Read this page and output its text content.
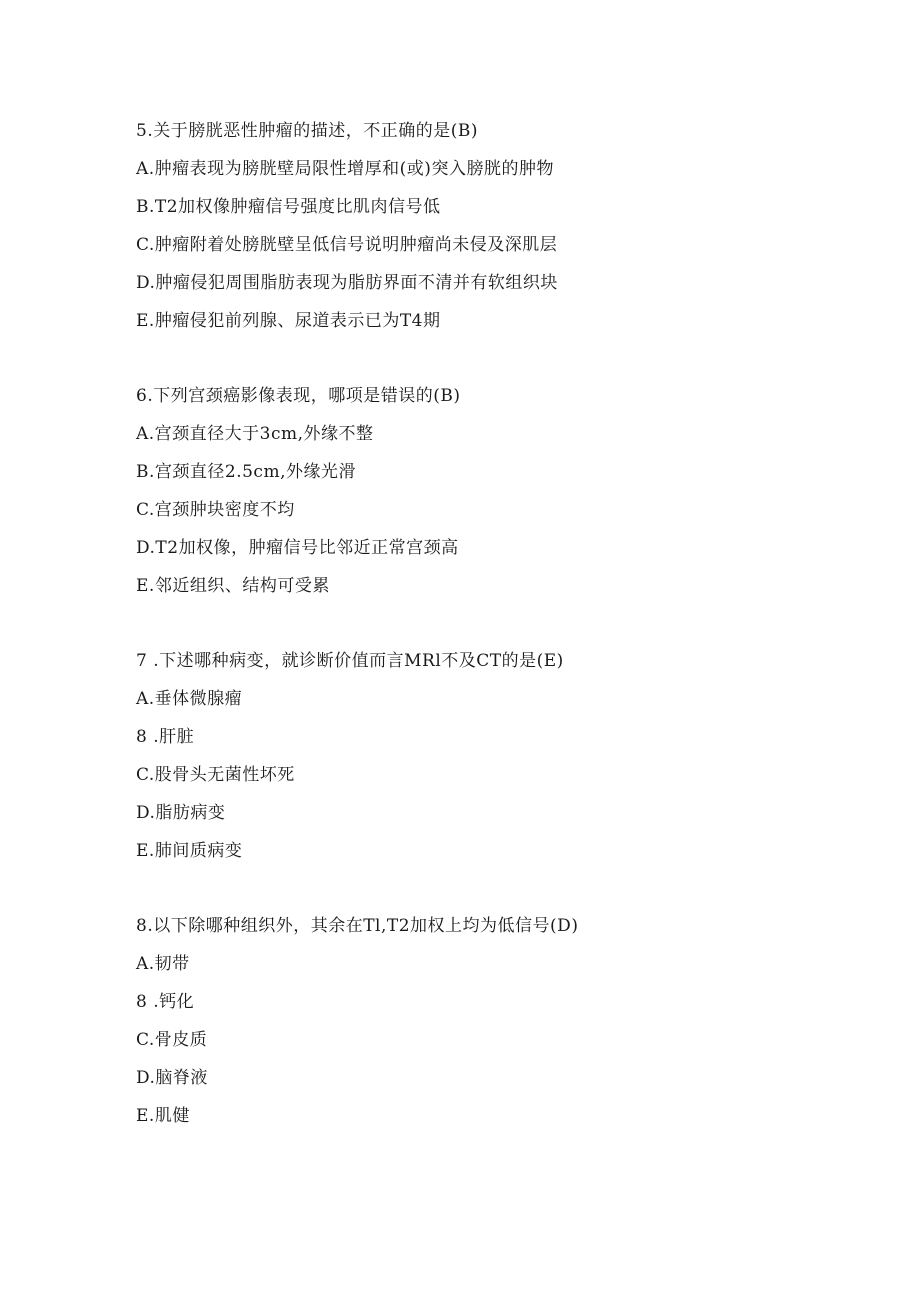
5.关于膀胱恶性肿瘤的描述，不正确的是(B)
A.肿瘤表现为膀胱壁局限性增厚和(或)突入膀胱的肿物
B.T2加权像肿瘤信号强度比肌肉信号低
C.肿瘤附着处膀胱壁呈低信号说明肿瘤尚未侵及深肌层
D.肿瘤侵犯周围脂肪表现为脂肪界面不清并有软组织块
E.肿瘤侵犯前列腺、尿道表示已为T4期
6.下列宫颈癌影像表现，哪项是错误的(B)
A.宫颈直径大于3cm,外缘不整
B.宫颈直径2.5cm,外缘光滑
C.宫颈肿块密度不均
D.T2加权像，肿瘤信号比邻近正常宫颈高
E.邻近组织、结构可受累
7 .下述哪种病变，就诊断价值而言MRl不及CT的是(E)
A.垂体微腺瘤
8 .肝脏
C.股骨头无菌性坏死
D.脂肪病变
E.肺间质病变
8.以下除哪种组织外，其余在Tl,T2加权上均为低信号(D)
A.韧带
8 .钙化
C.骨皮质
D.脑脊液
E.肌健
